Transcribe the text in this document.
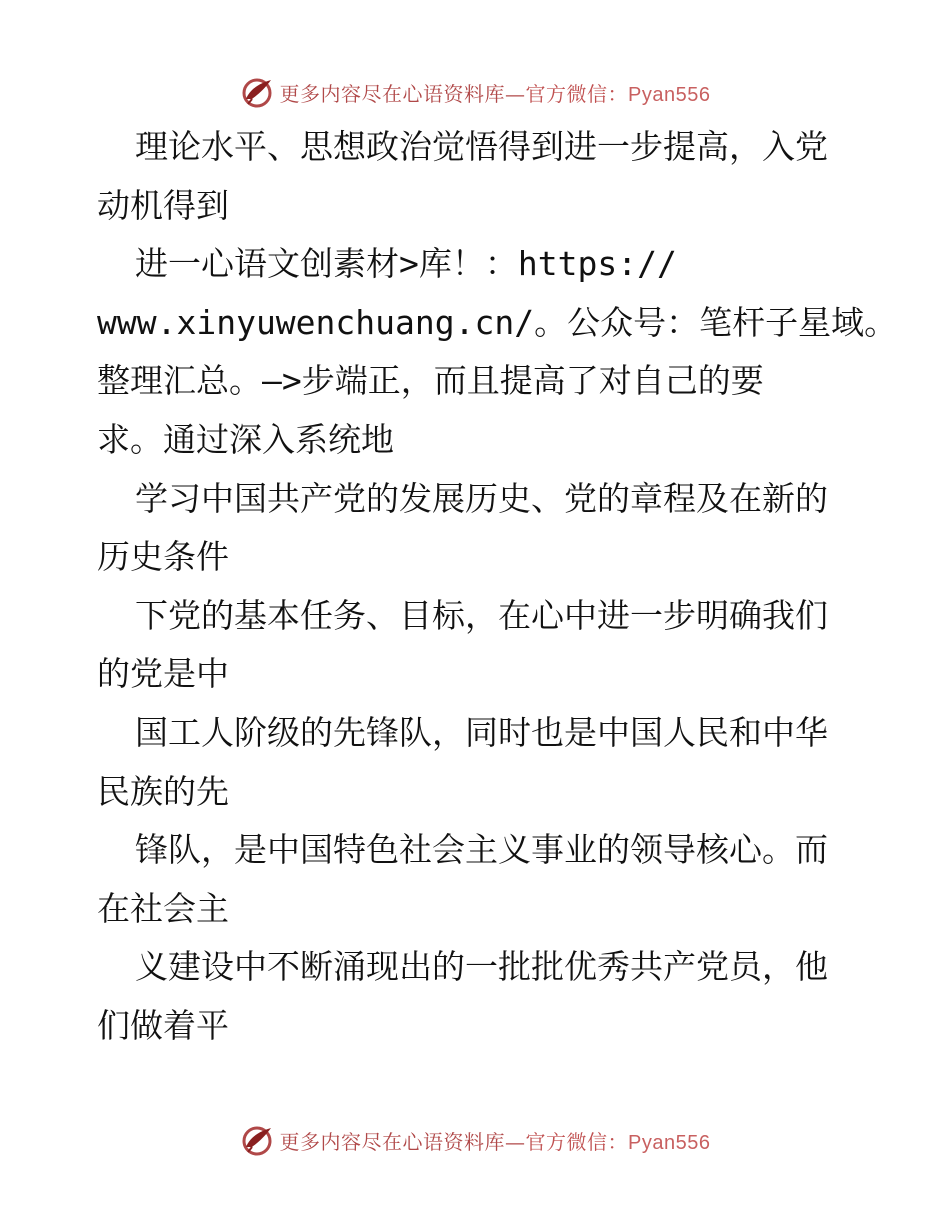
更多内容尽在心语资料库—官方微信：Pyan556
理论水平、思想政治觉悟得到进一步提高，入党
动机得到
进一心语文创素材>库！：https://
www.xinyuwenchuang.cn/。公众号：笔杆子星域。
整理汇总。—>步端正，而且提高了对自己的要
求。通过深入系统地
学习中国共产党的发展历史、党的章程及在新的
历史条件
下党的基本任务、目标，在心中进一步明确我们
的党是中
国工人阶级的先锋队，同时也是中国人民和中华
民族的先
锋队，是中国特色社会主义事业的领导核心。而
在社会主
义建设中不断涌现出的一批批优秀共产党员，他
们做着平
更多内容尽在心语资料库—官方微信：Pyan556
